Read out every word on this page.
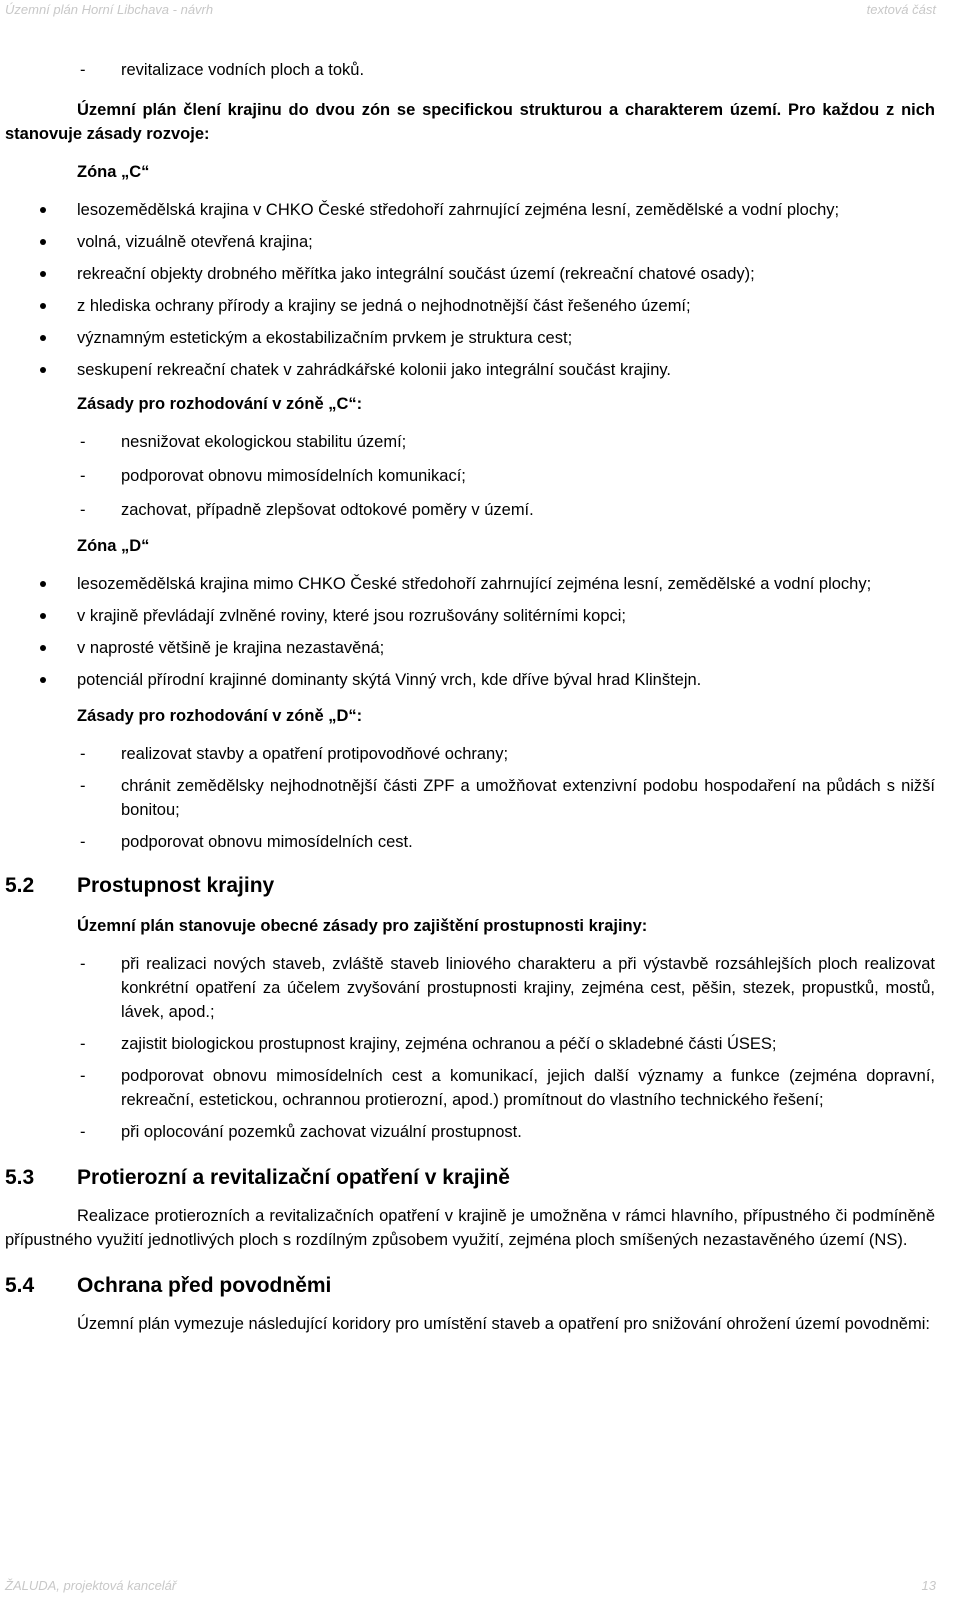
Územní plán Horní Libchava - návrh	textová část
- revitalizace vodních ploch a toků.

Územní plán člení krajinu do dvou zón se specifickou strukturou a charakterem území. Pro každou z nich stanovuje zásady rozvoje:

Zóna „C“

lesozemědělská krajina v CHKO České středohoří zahrnující zejména lesní, zemědělské a vodní plochy;
volná, vizuálně otevřená krajina;
rekreační objekty drobného měřítka jako integrální součást území (rekreační chatové osady);
z hlediska ochrany přírody a krajiny se jedná o nejhodnotnější část řešeného území;
významným estetickým a ekostabilizačním prvkem je struktura cest;
seskupení rekreační chatek v zahrádkářské kolonii jako integrální součást krajiny.

Zásady pro rozhodování v zóně „C“:

- nesnižovat ekologickou stabilitu území;
- podporovat obnovu mimosídelních komunikací;
- zachovat, případně zlepšovat odtokové poměry v území.

Zóna „D“

lesozemědělská krajina mimo CHKO České středohoří zahrnující zejména lesní, zemědělské a vodní plochy;
v krajině převládají zvlněné roviny, které jsou rozrušovány solitérními kopci;
v naprosté většině je krajina nezastavěná;
potenciál přírodní krajinné dominanty skýtá Vinný vrch, kde dříve býval hrad Klinštejn.

Zásady pro rozhodování v zóně „D“:

- realizovat stavby a opatření protipovodňové ochrany;
- chránit zemědělsky nejhodnotnější části ZPF a umožňovat extenzivní podobu hospodaření na půdách s nižší bonitou;
- podporovat obnovu mimosídelních cest.
5.2 Prostupnost krajiny

Územní plán stanovuje obecné zásady pro zajištění prostupnosti krajiny:

- při realizaci nových staveb, zvláště staveb liniového charakteru a při výstavbě rozsáhlejších ploch realizovat konkrétní opatření za účelem zvyšování prostupnosti krajiny, zejména cest, pěšin, stezek, propustků, mostů, lávek, apod.;
- zajistit biologickou prostupnost krajiny, zejména ochranou a péčí o skladebné části ÚSES;
- podporovat obnovu mimosídelních cest a komunikací, jejich další významy a funkce (zejména dopravní, rekreační, estetickou, ochrannou protierozní, apod.) promítnout do vlastního technického řešení;
- při oplocování pozemků zachovat vizuální prostupnost.
5.3 Protierozní a revitalizační opatření v krajině

Realizace protierozních a revitalizačních opatření v krajině je umožněna v rámci hlavního, přípustného či podmíněně přípustného využití jednotlivých ploch s rozdílným způsobem využití, zejména ploch smíšených nezastavěného území (NS).

5.4 Ochrana před povodněmi

Územní plán vymezuje následující koridory pro umístění staveb a opatření pro snižování ohrožení území povodněmi:

ŽALUDA, projektová kancelář	13
